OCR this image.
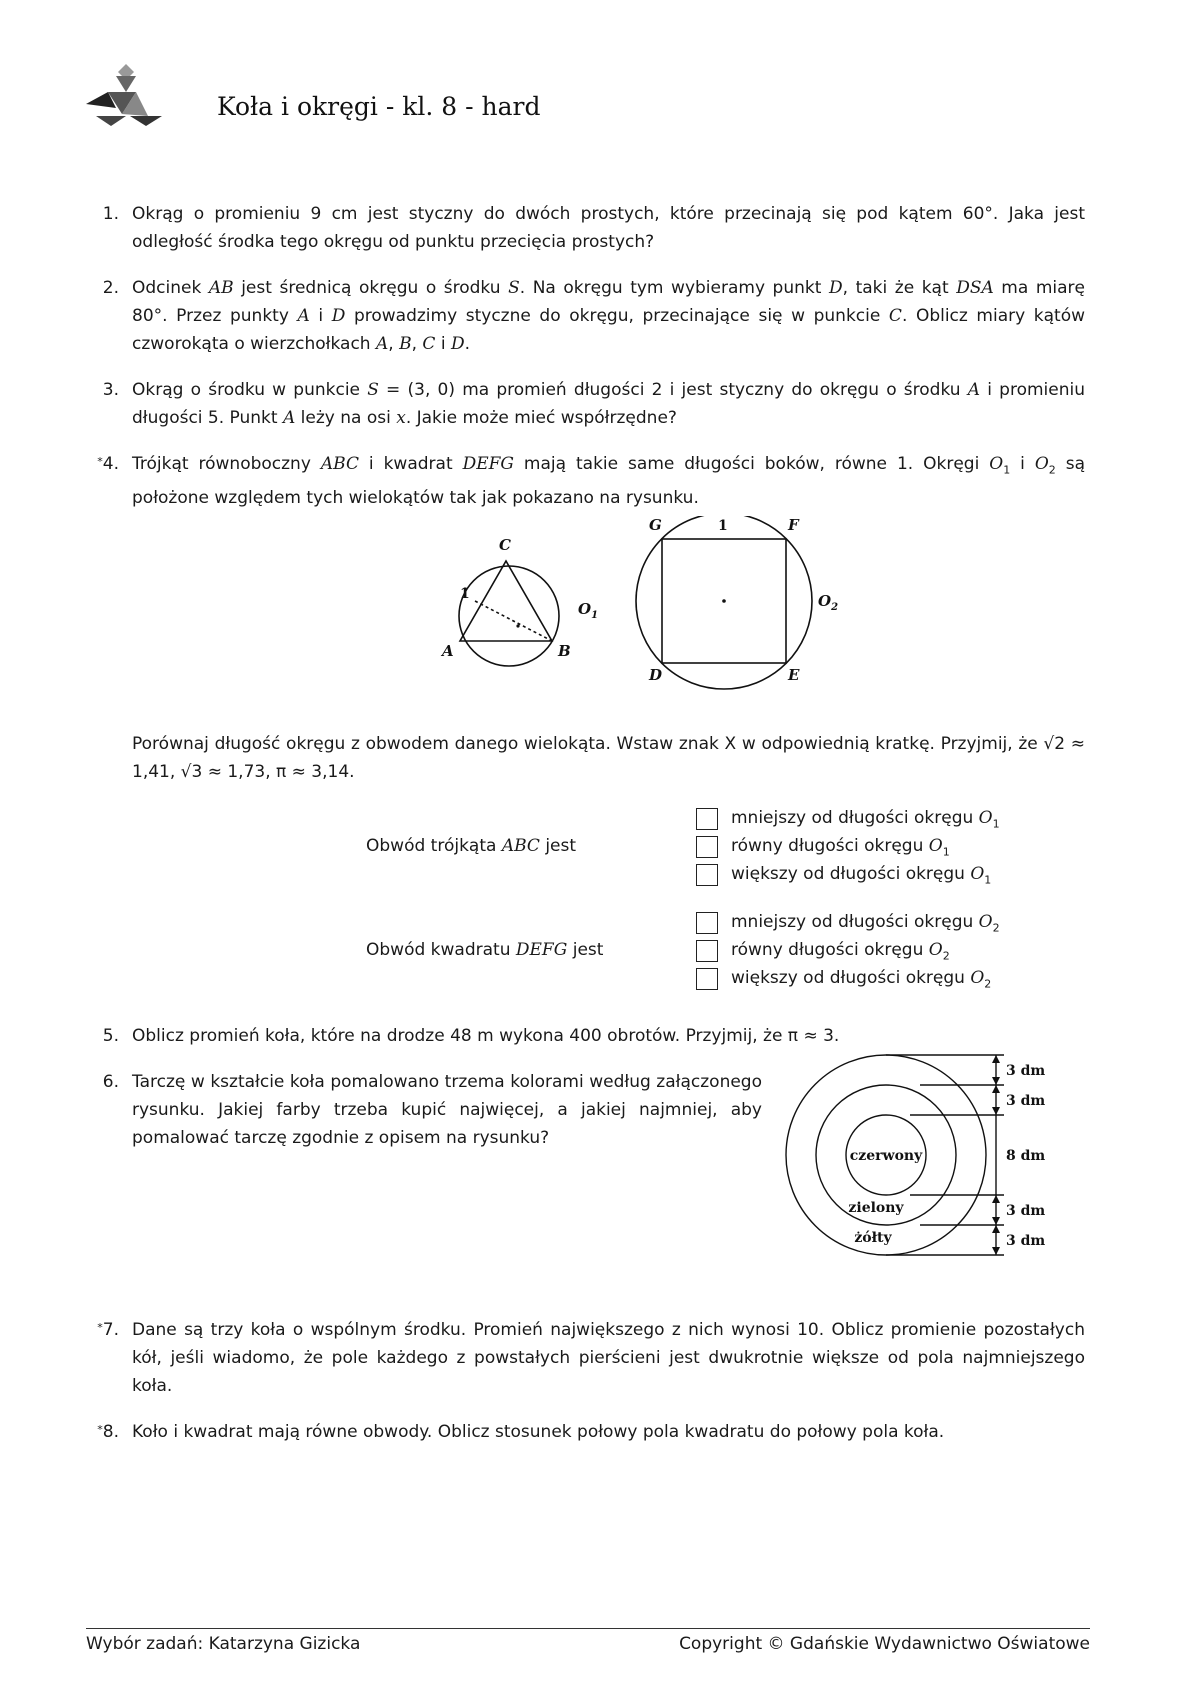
Koła i okręgi - kl. 8 - hard
1. Okrąg o promieniu 9 cm jest styczny do dwóch prostych, które przecinają się pod kątem 60°. Jaka jest odległość środka tego okręgu od punktu przecięcia prostych?
2. Odcinek AB jest średnicą okręgu o środku S. Na okręgu tym wybieramy punkt D, taki że kąt DSA ma miarę 80°. Przez punkty A i D prowadzimy styczne do okręgu, przecinające się w punkcie C. Oblicz miary kątów czworokąta o wierzchołkach A, B, C i D.
3. Okrąg o środku w punkcie S = (3, 0) ma promień długości 2 i jest styczny do okręgu o środku A i promieniu długości 5. Punkt A leży na osi x. Jakie może mieć współrzędne?
*4. Trójkąt równoboczny ABC i kwadrat DEFG mają takie same długości boków, równe 1. Okręgi $O_1$ i $O_2$ są położone względem tych wielokątów tak jak pokazano na rysunku.
A	B
C
$O_1$
G	F
D	E
$O_2$
1
1
Porównaj długość okręgu z obwodem danego wielokąta. Wstaw znak X w odpowiednią kratkę. Przyjmij, że √2 ≈ 1,41, √3 ≈ 1,73, π ≈ 3,14.
Obwód trójkąta ABC jest
mniejszy od długości okręgu $O_1$
równy długości okręgu $O_1$
większy od długości okręgu $O_1$
Obwód kwadratu DEFG jest
mniejszy od długości okręgu $O_2$
równy długości okręgu $O_2$
większy od długości okręgu $O_2$
5. Oblicz promień koła, które na drodze 48 m wykona 400 obrotów. Przyjmij, że π ≈ 3.
6. Tarczę w kształcie koła pomalowano trzema kolorami według załączonego rysunku. Jakiej farby trzeba kupić najwięcej, a jakiej najmniej, aby pomalować tarczę zgodnie z opisem na rysunku?
*7. Dane są trzy koła o wspólnym środku. Promień największego z nich wynosi 10. Oblicz promienie pozostałych kół, jeśli wiadomo, że pole każdego z powstałych pierścieni jest dwukrotnie większe od pola najmniejszego koła.
*8. Koło i kwadrat mają równe obwody. Oblicz stosunek połowy pola kwadratu do połowy pola koła.
3 dm
3 dm
8 dm
3 dm
3 dm
czerwony
zielony
żółty
Wybór zadań: Katarzyna Gizicka	Copyright © Gdańskie Wydawnictwo Oświatowe
